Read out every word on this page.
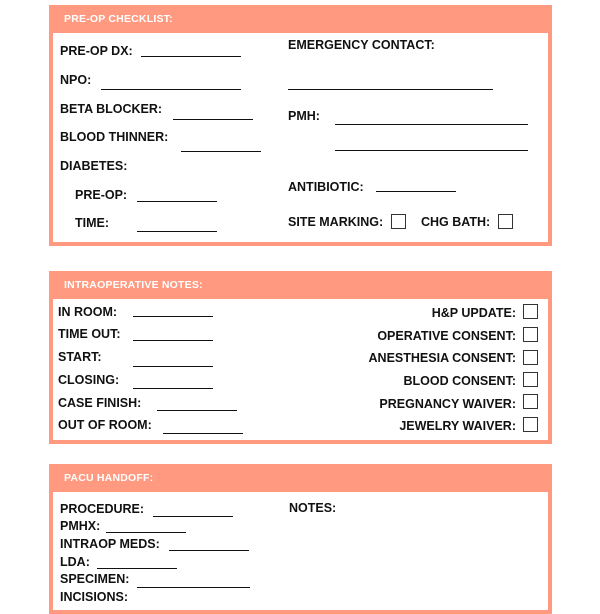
PRE-OP CHECKLIST:
PRE-OP DX:
NPO:
BETA BLOCKER:
BLOOD THINNER:
DIABETES:
PRE-OP:
TIME:
EMERGENCY CONTACT:
PMH:
ANTIBIOTIC:
SITE MARKING:	CHG BATH:
INTRAOPERATIVE NOTES:
IN ROOM:
TIME OUT:
START:
CLOSING:
CASE FINISH:
OUT OF ROOM:
H&P UPDATE:
OPERATIVE CONSENT:
ANESTHESIA CONSENT:
BLOOD CONSENT:
PREGNANCY WAIVER:
JEWELRY WAIVER:
PACU HANDOFF:
PROCEDURE:
PMHX:
INTRAOP MEDS:
LDA:
SPECIMEN:
INCISIONS:
NOTES:
